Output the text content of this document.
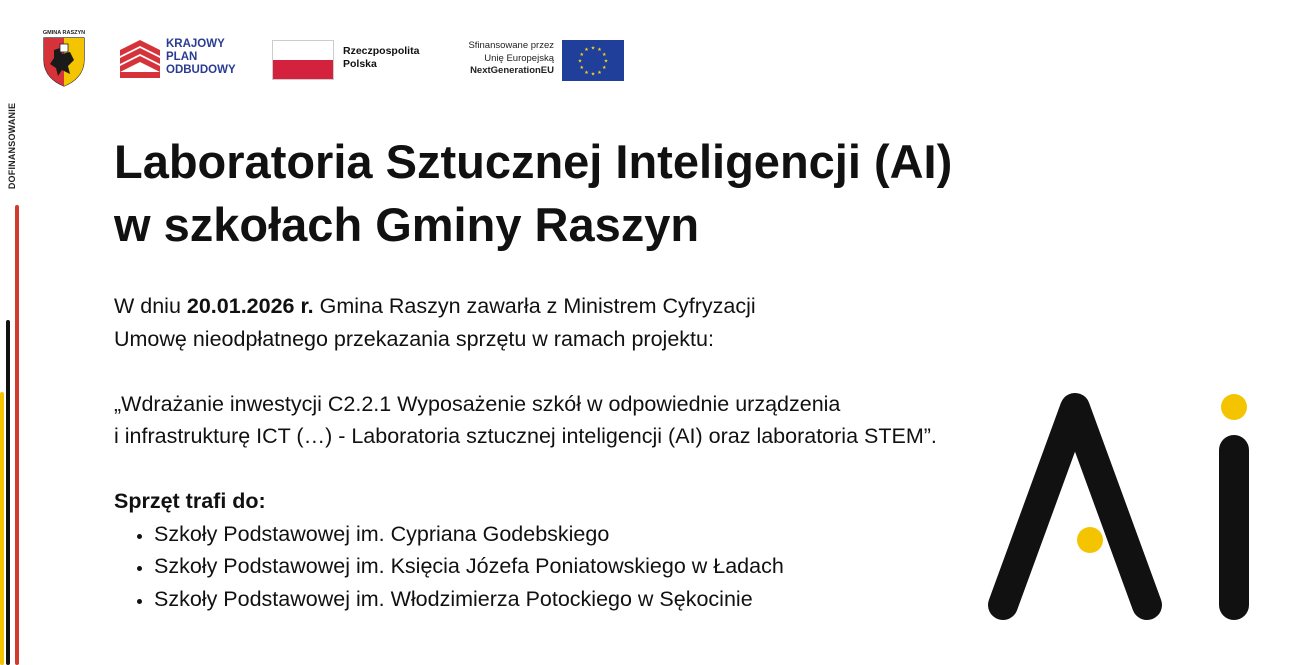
DOFINANSOWANIE
GMINA RASZYN
KRAJOWY
PLAN
ODBUDOWY
Rzeczpospolita
Polska
Sfinansowane przez
Unię Europejską
NextGenerationEU
★ ★
★
★
★
★
★
★
★
★
★
★
Laboratoria Sztucznej Inteligencji (AI)
w szkołach Gminy Raszyn

W dniu 20.01.2026 r. Gmina Raszyn zawarła z Ministrem Cyfryzacji

Umowę nieodpłatnego przekazania sprzętu w ramach projektu:

„Wdrażanie inwestycji C2.2.1 Wyposażenie szkół w odpowiednie urządzenia

i infrastrukturę ICT (…) - Laboratoria sztucznej inteligencji (AI) oraz laboratoria STEM”.

Sprzęt trafi do:

• Szkoły Podstawowej im. Cypriana Godebskiego
• Szkoły Podstawowej im. Księcia Józefa Poniatowskiego w Ładach
• Szkoły Podstawowej im. Włodzimierza Potockiego w Sękocinie
